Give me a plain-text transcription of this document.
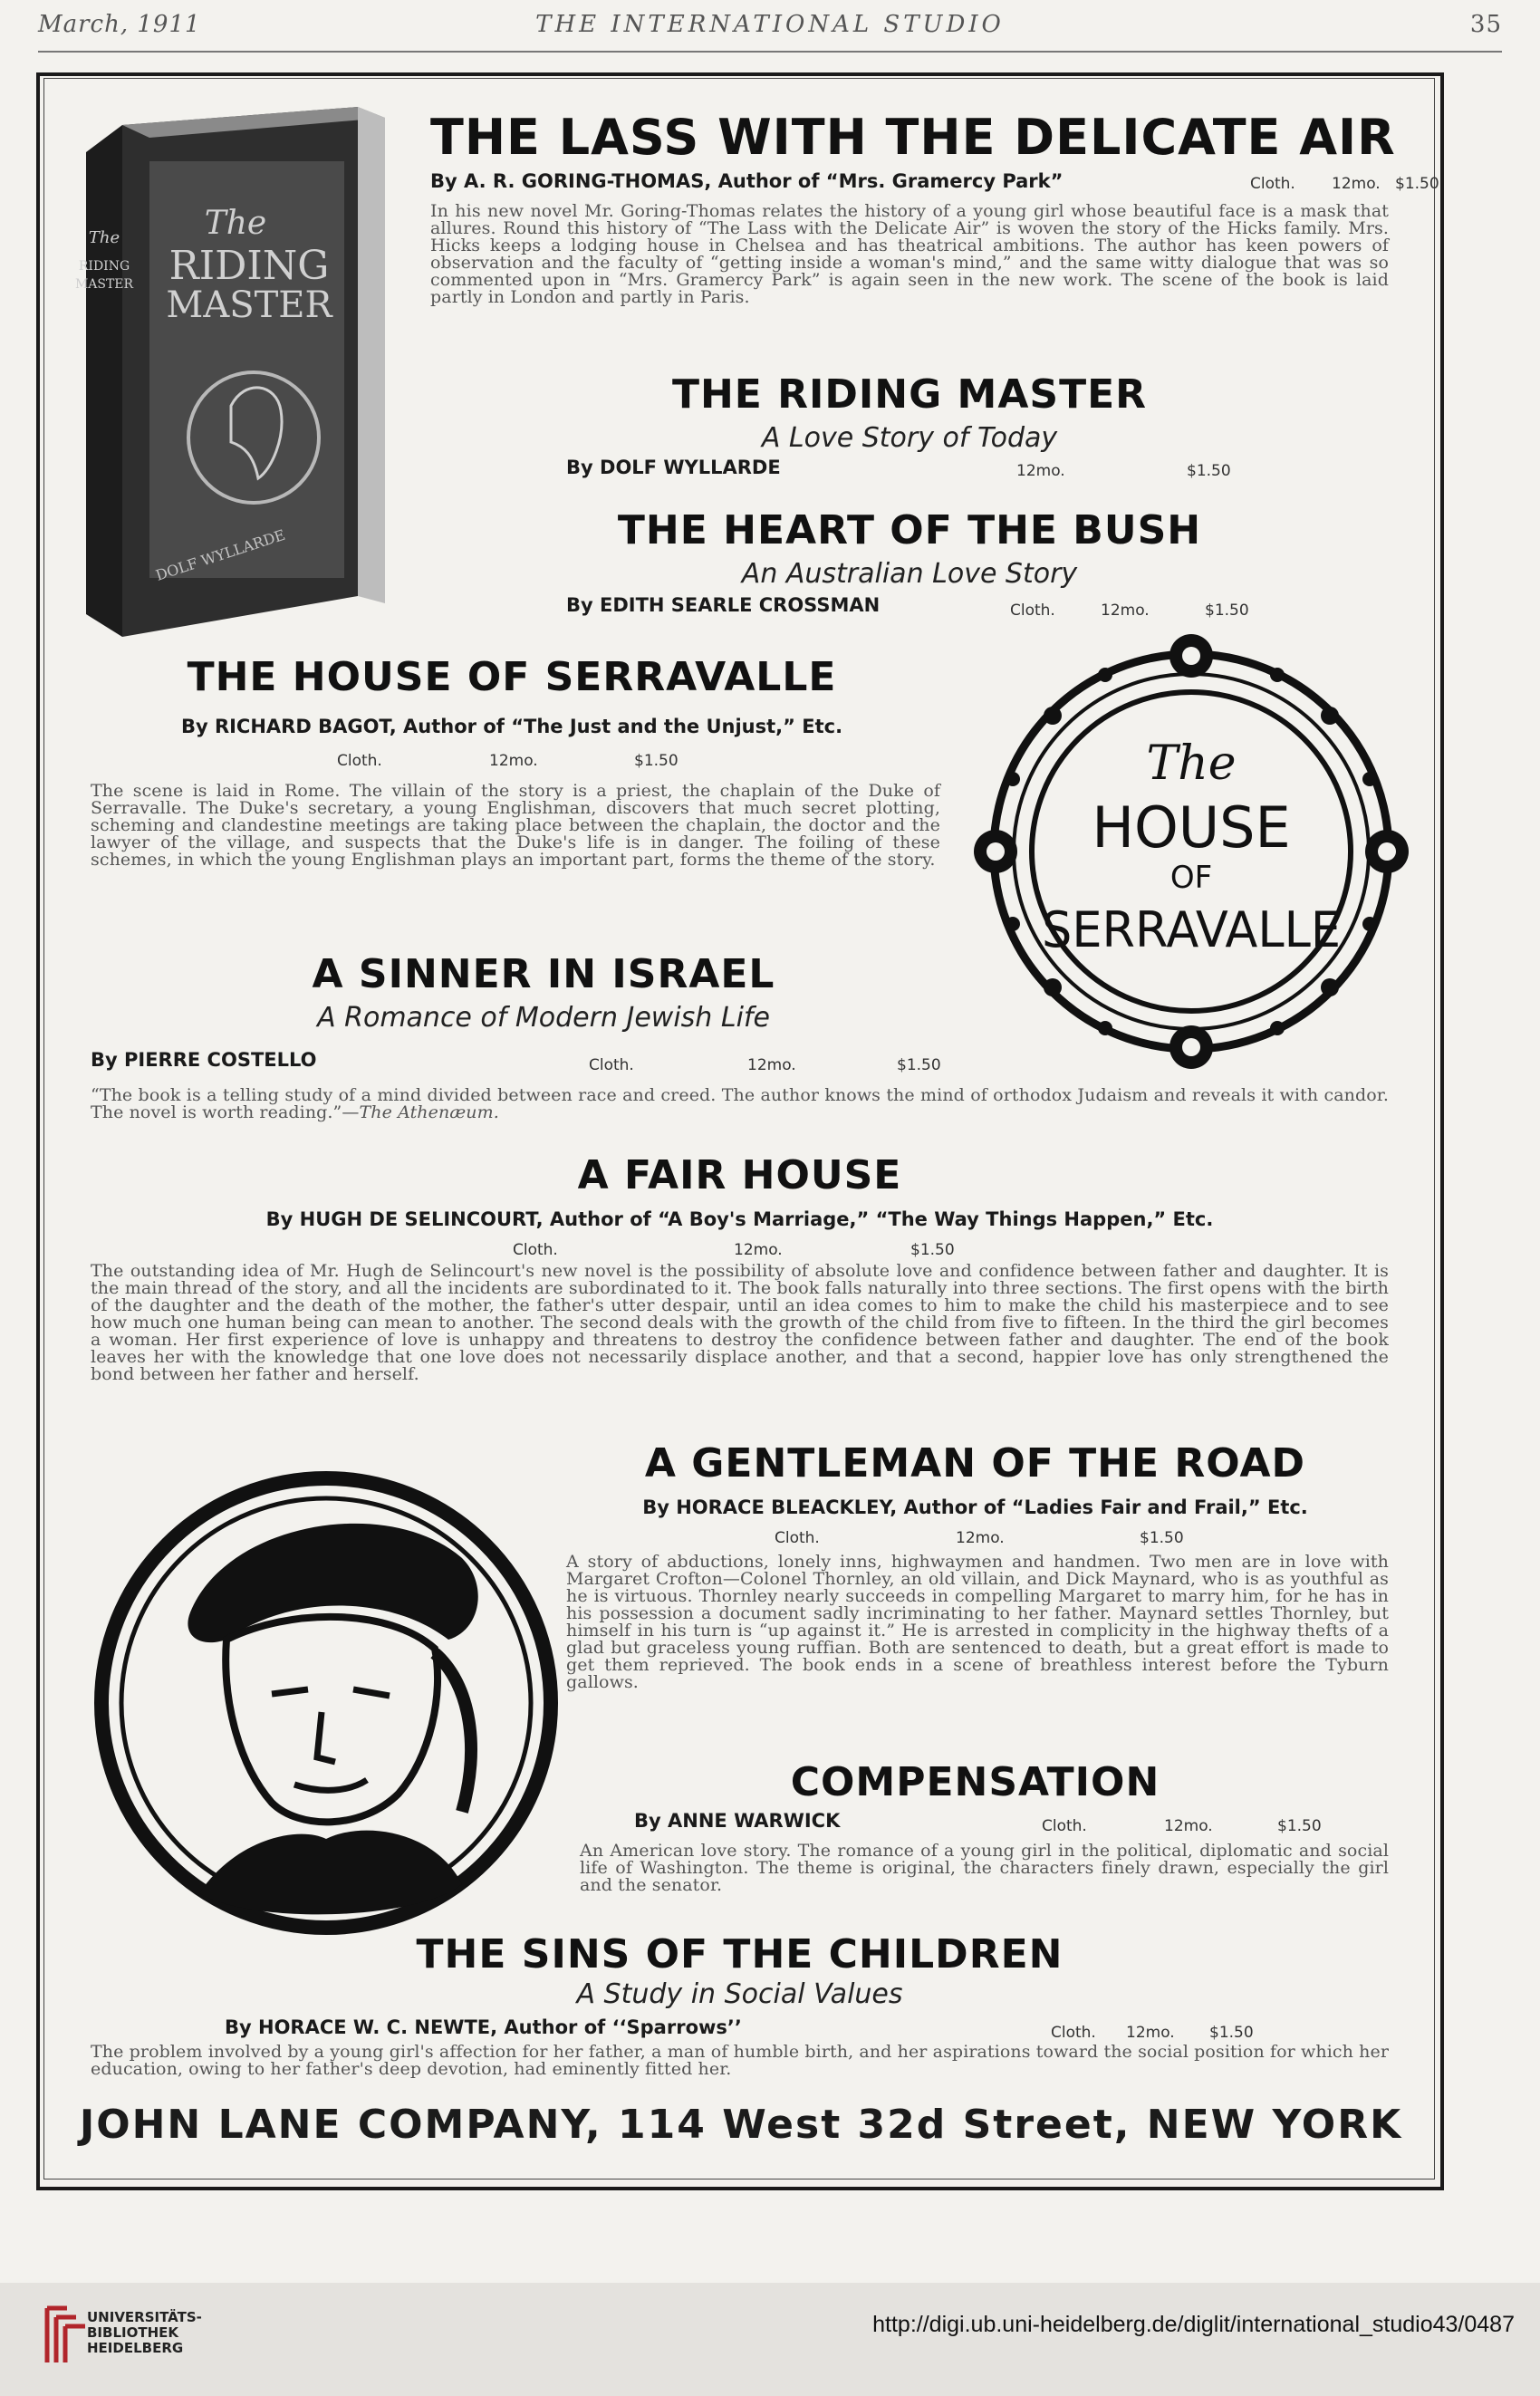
March, 1911	THE INTERNATIONAL STUDIO	35
The
RIDING
MASTER
DOLF WYLLARDE
The
RIDING
MASTER
THE LASS WITH THE DELICATE AIR
By A. R. GORING-THOMAS, Author of “Mrs. Gramercy Park”	Cloth. 12mo. $1.50
In his new novel Mr. Goring-Thomas relates the history of a young girl whose beautiful face is a mask that allures. Round this history of “The Lass with the Delicate Air” is woven the story of the Hicks family. Mrs. Hicks keeps a lodging house in Chelsea and has theatrical ambitions. The author has keen powers of observation and the faculty of “getting inside a woman's mind,” and the same witty dialogue that was so commented upon in “Mrs. Gramercy Park” is again seen in the new work. The scene of the book is laid partly in London and partly in Paris.
THE RIDING MASTER
A Love Story of Today
By DOLF WYLLARDE	12mo.	$1.50
THE HEART OF THE BUSH
An Australian Love Story
By EDITH SEARLE CROSSMAN	Cloth.	12mo.	$1.50
THE HOUSE OF SERRAVALLE
By RICHARD BAGOT, Author of “The Just and the Unjust,” Etc.
Cloth.	12mo.	$1.50
The scene is laid in Rome. The villain of the story is a priest, the chaplain of the Duke of Serravalle. The Duke's secretary, a young Englishman, discovers that much secret plotting, scheming and clandestine meetings are taking place between the chaplain, the doctor and the lawyer of the village, and suspects that the Duke's life is in danger. The foiling of these schemes, in which the young Englishman plays an important part, forms the theme of the story.
The
HOUSE
OF
SERRAVALLE
A SINNER IN ISRAEL
A Romance of Modern Jewish Life
By PIERRE COSTELLO	Cloth.	12mo.	$1.50
“The book is a telling study of a mind divided between race and creed. The author knows the mind of orthodox Judaism and reveals it with candor. The novel is worth reading.”—The Athenæum.
A FAIR HOUSE
By HUGH DE SELINCOURT, Author of “A Boy's Marriage,” “The Way Things Happen,” Etc.
Cloth.	12mo.	$1.50
The outstanding idea of Mr. Hugh de Selincourt's new novel is the possibility of absolute love and confidence between father and daughter. It is the main thread of the story, and all the incidents are subordinated to it. The book falls naturally into three sections. The first opens with the birth of the daughter and the death of the mother, the father's utter despair, until an idea comes to him to make the child his masterpiece and to see how much one human being can mean to another. The second deals with the growth of the child from five to fifteen. In the third the girl becomes a woman. Her first experience of love is unhappy and threatens to destroy the confidence between father and daughter. The end of the book leaves her with the knowledge that one love does not necessarily displace another, and that a second, happier love has only strengthened the bond between her father and herself.
A GENTLEMAN OF THE ROAD
By HORACE BLEACKLEY, Author of “Ladies Fair and Frail,” Etc.
Cloth.	12mo.	$1.50
A story of abductions, lonely inns, highwaymen and handmen. Two men are in love with Margaret Crofton—Colonel Thornley, an old villain, and Dick Maynard, who is as youthful as he is virtuous. Thornley nearly succeeds in compelling Margaret to marry him, for he has in his possession a document sadly incriminating to her father. Maynard settles Thornley, but himself in his turn is “up against it.” He is arrested in complicity in the highway thefts of a glad but graceless young ruffian. Both are sentenced to death, but a great effort is made to get them reprieved. The book ends in a scene of breathless interest before the Tyburn gallows.
COMPENSATION
By ANNE WARWICK	Cloth.	12mo.	$1.50
An American love story. The romance of a young girl in the political, diplomatic and social life of Washington. The theme is original, the characters finely drawn, especially the girl and the senator.
THE SINS OF THE CHILDREN
A Study in Social Values
By HORACE W. C. NEWTE, Author of ‘‘Sparrows’’	Cloth. 12mo. $1.50
The problem involved by a young girl's affection for her father, a man of humble birth, and her aspirations toward the social position for which her education, owing to her father's deep devotion, had eminently fitted her.
JOHN LANE COMPANY, 114 West 32d Street, NEW YORK
UNIVERSITÄTS-
BIBLIOTHEK
HEIDELBERG
http://digi.ub.uni-heidelberg.de/diglit/international_studio43/0487
